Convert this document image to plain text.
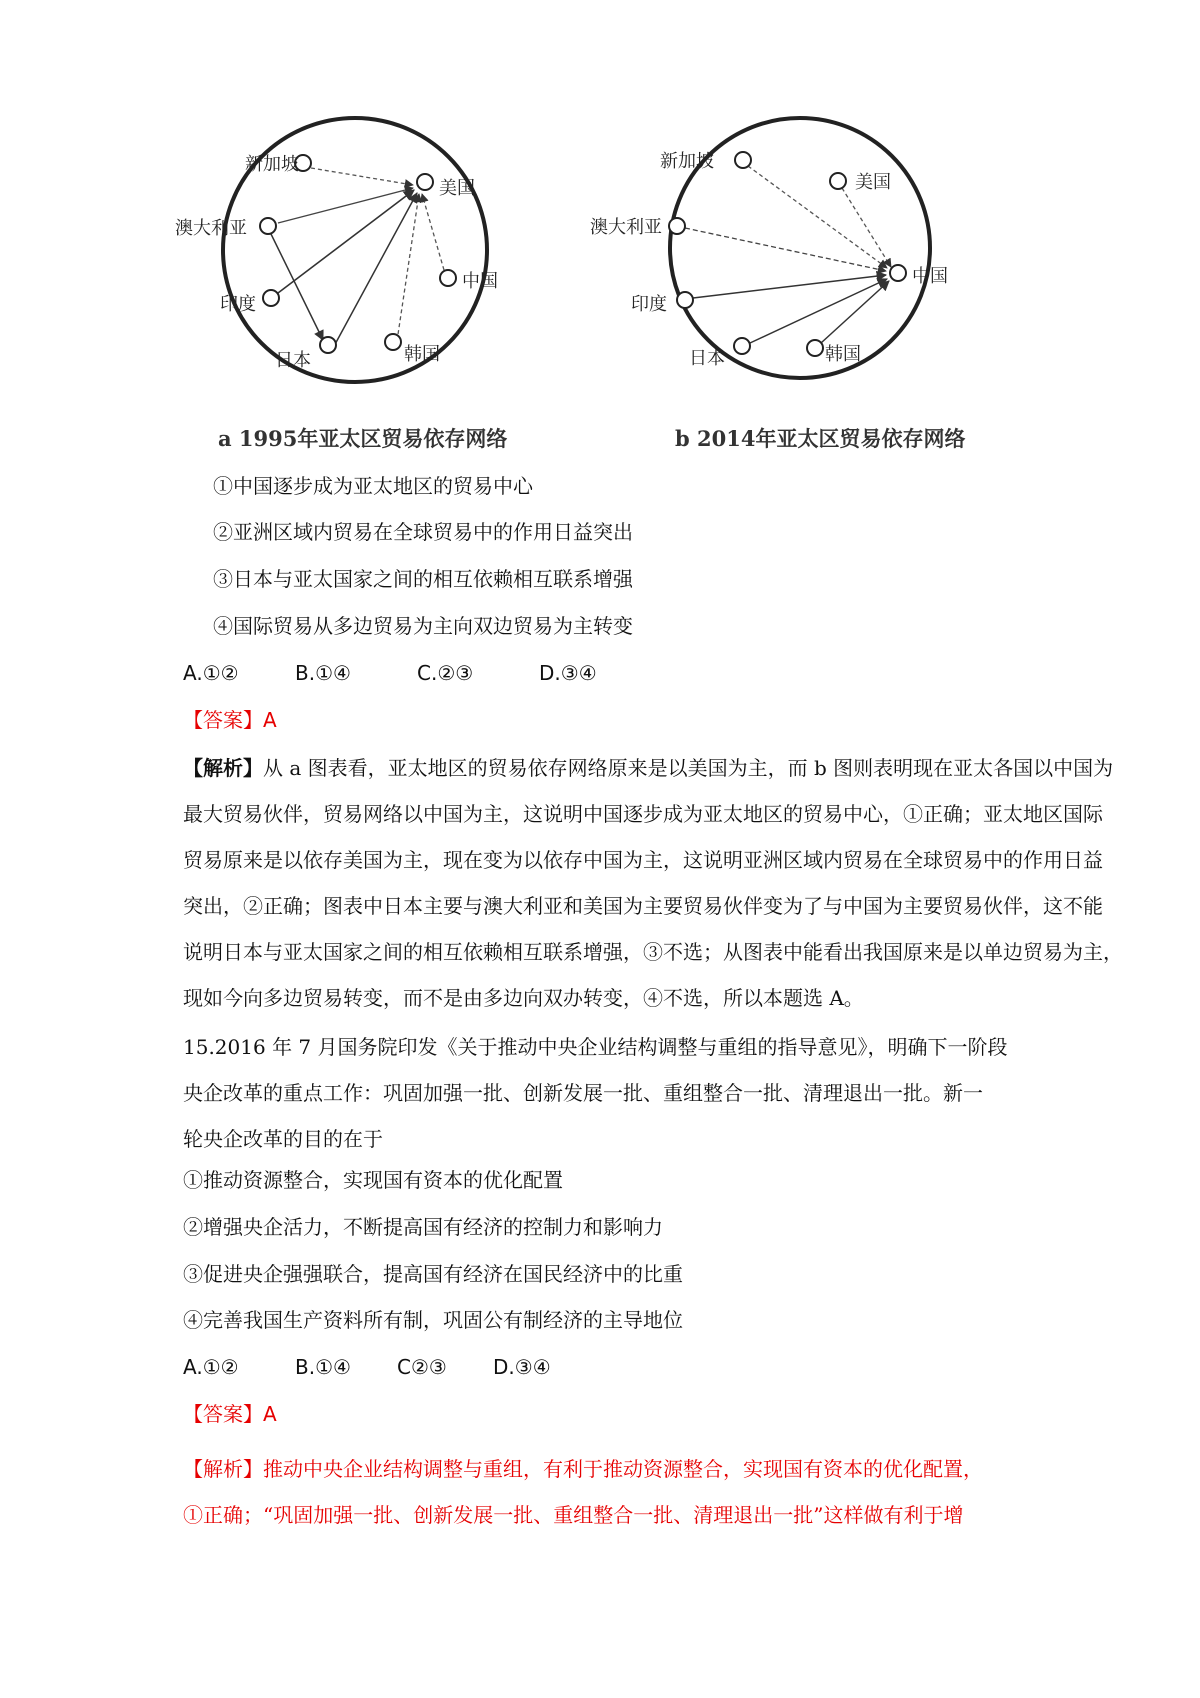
新加坡
美国
澳大利亚
中国
印度
日本	韩国
新加坡
美国
澳大利亚
中国
印度
日本	韩国
a 1995年亚太区贸易依存网络	b 2014年亚太区贸易依存网络
①中国逐步成为亚太地区的贸易中心
②亚洲区域内贸易在全球贸易中的作用日益突出
③日本与亚太国家之间的相互依赖相互联系增强
④国际贸易从多边贸易为主向双边贸易为主转变
A.①②	B.①④	C.②③	D.③④
【答案】A
【解析】从 a 图表看，亚太地区的贸易依存网络原来是以美国为主，而 b 图则表明现在亚太各国以中国为
最大贸易伙伴，贸易网络以中国为主，这说明中国逐步成为亚太地区的贸易中心，①正确；亚太地区国际
贸易原来是以依存美国为主，现在变为以依存中国为主，这说明亚洲区域内贸易在全球贸易中的作用日益
突出，②正确；图表中日本主要与澳大利亚和美国为主要贸易伙伴变为了与中国为主要贸易伙伴，这不能
说明日本与亚太国家之间的相互依赖相互联系增强，③不选；从图表中能看出我国原来是以单边贸易为主，
现如今向多边贸易转变，而不是由多边向双办转变，④不选，所以本题选 A。
15.2016 年 7 月国务院印发《关于推动中央企业结构调整与重组的指导意见》，明确下一阶段
央企改革的重点工作：巩固加强一批、创新发展一批、重组整合一批、清理退出一批。新一
轮央企改革的目的在于
①推动资源整合，实现国有资本的优化配置
②增强央企活力，不断提高国有经济的控制力和影响力
③促进央企强强联合，提高国有经济在国民经济中的比重
④完善我国生产资料所有制，巩固公有制经济的主导地位
A.①②	B.①④ C②③ D.③④
【答案】A
【解析】推动中央企业结构调整与重组，有利于推动资源整合，实现国有资本的优化配置，
①正确；“巩固加强一批、创新发展一批、重组整合一批、清理退出一批”这样做有利于增
